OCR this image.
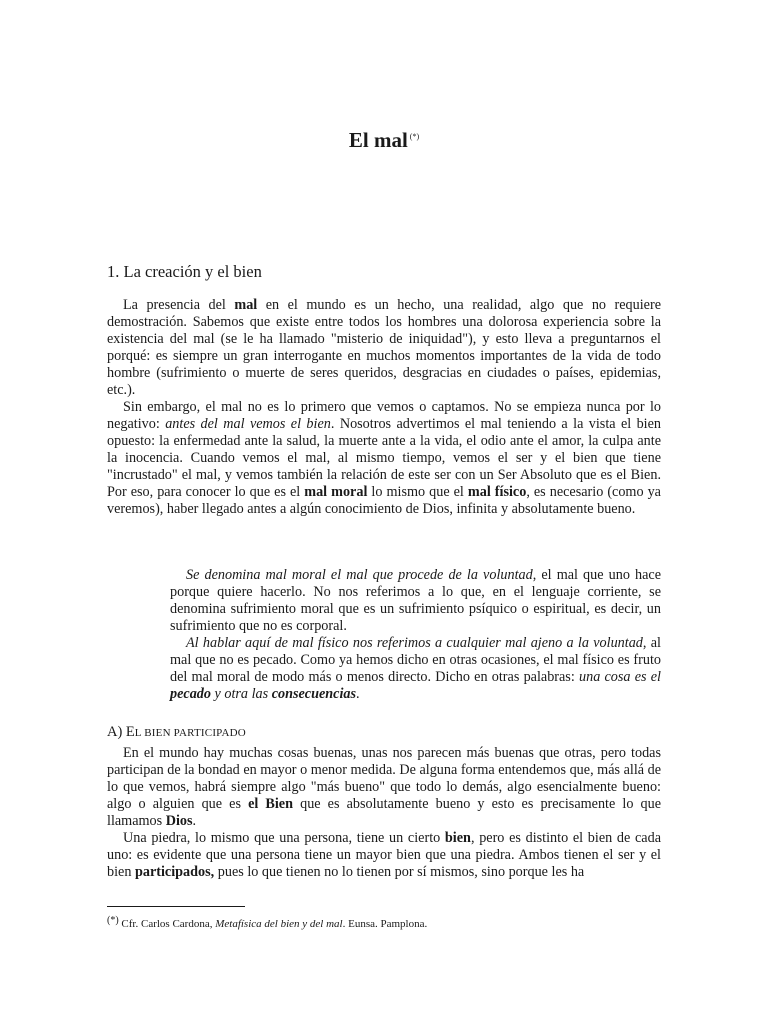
El mal (*)
1. La creación y el bien

La presencia del mal en el mundo es un hecho, una realidad, algo que no requiere demostración. Sabemos que existe entre todos los hombres una dolorosa experiencia sobre la existencia del mal (se le ha llamado "misterio de iniquidad"), y esto lleva a preguntarnos el porqué: es siempre un gran interrogante en muchos momentos importantes de la vida de todo hombre (sufrimiento o muerte de seres queridos, desgracias en ciudades o países, epidemias, etc.).

Sin embargo, el mal no es lo primero que vemos o captamos. No se empieza nunca por lo negativo: antes del mal vemos el bien. Nosotros advertimos el mal teniendo a la vista el bien opuesto: la enfermedad ante la salud, la muerte ante a la vida, el odio ante el amor, la culpa ante la inocencia. Cuando vemos el mal, al mismo tiempo, vemos el ser y el bien que tiene "incrustado" el mal, y vemos también la relación de este ser con un Ser Absoluto que es el Bien. Por eso, para conocer lo que es el mal moral lo mismo que el mal físico, es necesario (como ya veremos), haber llegado antes a algún conocimiento de Dios, infinita y absolutamente bueno.

Se denomina mal moral el mal que procede de la voluntad, el mal que uno hace porque quiere hacerlo. No nos referimos a lo que, en el lenguaje corriente, se denomina sufrimiento moral que es un sufrimiento psíquico o espiritual, es decir, un sufrimiento que no es corporal.

Al hablar aquí de mal físico nos referimos a cualquier mal ajeno a la voluntad, al mal que no es pecado. Como ya hemos dicho en otras ocasiones, el mal físico es fruto del mal moral de modo más o menos directo. Dicho en otras palabras: una cosa es el pecado y otra las consecuencias.

A) EL BIEN PARTICIPADO

En el mundo hay muchas cosas buenas, unas nos parecen más buenas que otras, pero todas participan de la bondad en mayor o menor medida. De alguna forma entendemos que, más allá de lo que vemos, habrá siempre algo "más bueno" que todo lo demás, algo esencialmente bueno: algo o alguien que es el Bien que es absolutamente bueno y esto es precisamente lo que llamamos Dios.

Una piedra, lo mismo que una persona, tiene un cierto bien, pero es distinto el bien de cada uno: es evidente que una persona tiene un mayor bien que una piedra. Ambos tienen el ser y el bien participados, pues lo que tienen no lo tienen por sí mismos, sino porque les ha

(*) Cfr. Carlos Cardona, Metafísica del bien y del mal. Eunsa. Pamplona.
